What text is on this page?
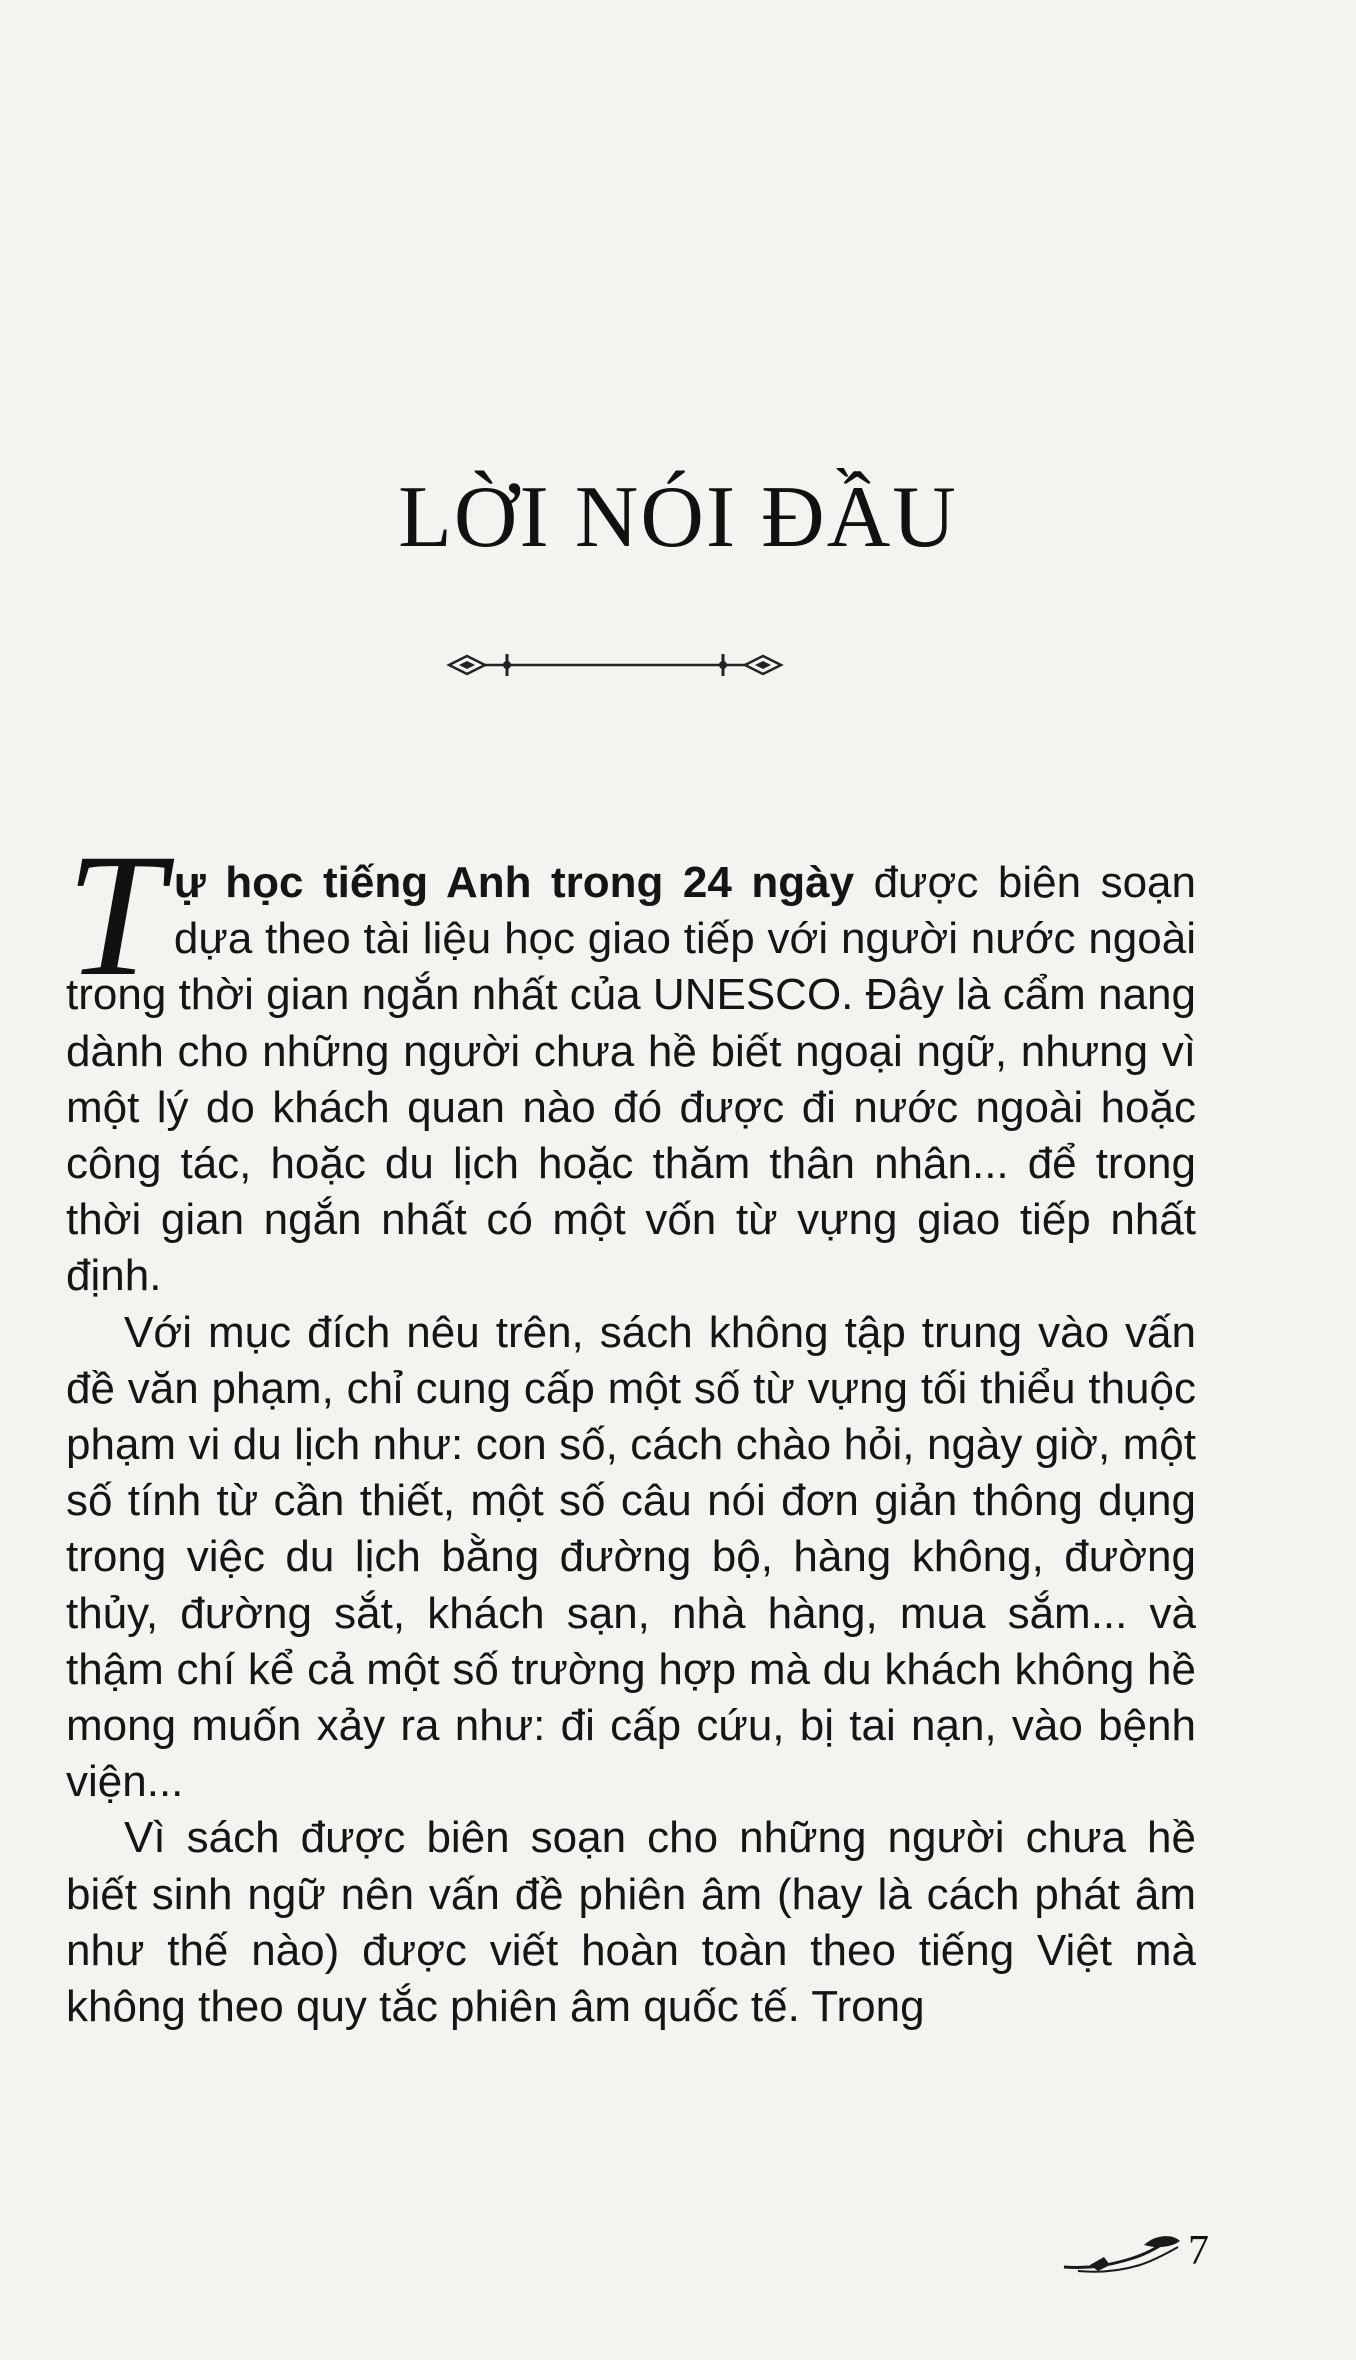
LỜI NÓI ĐẦU

Tự học tiếng Anh trong 24 ngày được biên soạn dựa theo tài liệu học giao tiếp với người nước ngoài trong thời gian ngắn nhất của UNESCO. Đây là cẩm nang dành cho những người chưa hề biết ngoại ngữ, nhưng vì một lý do khách quan nào đó được đi nước ngoài hoặc công tác, hoặc du lịch hoặc thăm thân nhân... để trong thời gian ngắn nhất có một vốn từ vựng giao tiếp nhất định.

Với mục đích nêu trên, sách không tập trung vào vấn đề văn phạm, chỉ cung cấp một số từ vựng tối thiểu thuộc phạm vi du lịch như: con số, cách chào hỏi, ngày giờ, một số tính từ cần thiết, một số câu nói đơn giản thông dụng trong việc du lịch bằng đường bộ, hàng không, đường thủy, đường sắt, khách sạn, nhà hàng, mua sắm... và thậm chí kể cả một số trường hợp mà du khách không hề mong muốn xảy ra như: đi cấp cứu, bị tai nạn, vào bệnh viện...

Vì sách được biên soạn cho những người chưa hề biết sinh ngữ nên vấn đề phiên âm (hay là cách phát âm như thế nào) được viết hoàn toàn theo tiếng Việt mà không theo quy tắc phiên âm quốc tế. Trong

7
